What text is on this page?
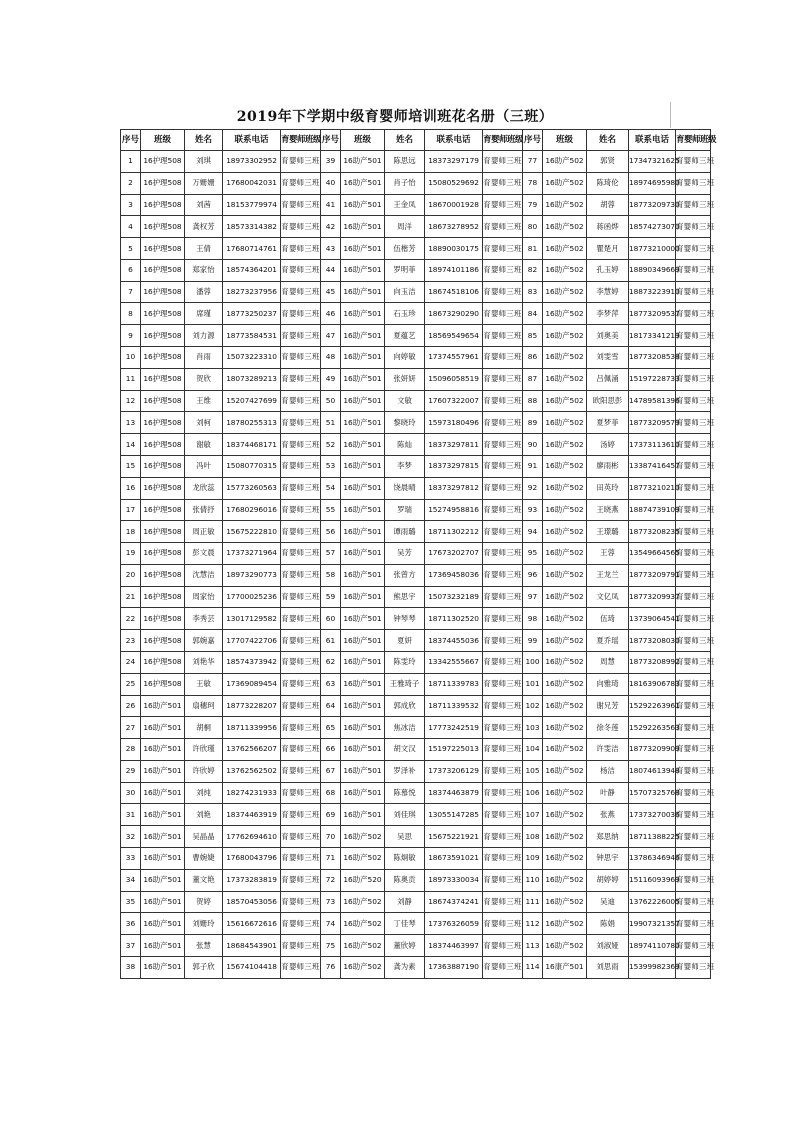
2019年下学期中级育婴师培训班花名册（三班）
序号	班级	姓名	联系电话	育婴师班级	序号	班级	姓名	联系电话	育婴师班级	序号	班级	姓名	联系电话	育婴师班级
1	16护理508	刘琪	18973302952	育婴师三班	39	16助产501	陈思远	18373297179	育婴师三班	77	16助产502	郭贤	17347321625	育婴师三班
2	16护理508	万姗姗	17680042031	育婴师三班	40	16助产501	肖子怡	15080529692	育婴师三班	78	16助产502	陈琦伦	18974695980	育婴师三班
3	16护理508	刘茜	18153779974	育婴师三班	41	16助产501	王金凤	18670001928	育婴师三班	79	16助产502	胡蓉	18773209730	育婴师三班
4	16护理508	龚权芳	18573314382	育婴师三班	42	16助产501	周洋	18673278952	育婴师三班	80	16助产502	蒋函烨	18574273070	育婴师三班
5	16护理508	王倩	17680714761	育婴师三班	43	16助产501	伍楷芳	18890030175	育婴师三班	81	16助产502	瞿楚月	18773210000	育婴师三班
6	16护理508	郑家怡	18574364201	育婴师三班	44	16助产501	罗明菲	18974101186	育婴师三班	82	16助产502	孔玉婷	18890349669	育婴师三班
7	16护理508	潘蓉	18273237956	育婴师三班	45	16助产501	向玉洁	18674518106	育婴师三班	83	16助产502	李慧婷	18873223910	育婴师三班
8	16护理508	席瑾	18773250237	育婴师三班	46	16助产501	石玉珍	18673290290	育婴师三班	84	16助产502	李梦萍	18773209537	育婴师三班
9	16护理508	刘力源	18773584531	育婴师三班	47	16助产501	夏蕴艺	18569549654	育婴师三班	85	16助产502	刘奥美	18173341219	育婴师三班
10	16护理508	肖雨	15073223310	育婴师三班	48	16助产501	向婷敏	17374557961	育婴师三班	86	16助产502	刘雯雪	18773208538	育婴师三班
11	16护理508	贺欣	18073289213	育婴师三班	49	16助产501	张妍妍	15096058519	育婴师三班	87	16助产502	吕佩涌	15197228733	育婴师三班
12	16护理508	王维	15207427699	育婴师三班	50	16助产501	文敏	17607322007	育婴师三班	88	16助产502	欧阳思彭	14789581396	育婴师三班
13	16护理508	刘柯	18780255313	育婴师三班	51	16助产501	黎晓玲	15973180496	育婴师三班	89	16助产502	夏梦菲	18773209579	育婴师三班
14	16护理508	谢敏	18374468171	育婴师三班	52	16助产501	陈灿	18373297811	育婴师三班	90	16助产502	汤婷	17373113610	育婴师三班
15	16护理508	冯叶	15080770315	育婴师三班	53	16助产501	李梦	18373297815	育婴师三班	91	16助产502	廖雨彬	13387416457	育婴师三班
16	16护理508	龙欣蕊	15773260563	育婴师三班	54	16助产501	饶晨晴	18373297812	育婴师三班	92	16助产502	田英玲	18773210210	育婴师三班
17	16护理508	张倩抒	17680296016	育婴师三班	55	16助产501	罗瑞	15274958816	育婴师三班	93	16助产502	王晓燕	18874739109	育婴师三班
18	16护理508	周正敏	15675222810	育婴师三班	56	16助产501	谭雨璐	18711302212	育婴师三班	94	16助产502	王璟璐	18773208235	育婴师三班
19	16护理508	彭文晨	17373271964	育婴师三班	57	16助产501	吴芳	17673202707	育婴师三班	95	16助产502	王蓉	13549664565	育婴师三班
20	16护理508	沈慧洁	18973290773	育婴师三班	58	16助产501	张曾方	17369458036	育婴师三班	96	16助产502	王龙兰	18773209791	育婴师三班
21	16护理508	周家怡	17700025236	育婴师三班	59	16助产501	熊思宇	15073232189	育婴师三班	97	16助产502	文亿凤	18773209937	育婴师三班
22	16护理508	李秀芸	13017129582	育婴师三班	60	16助产501	钟琴琴	18711302520	育婴师三班	98	16助产502	伍琦	13739064541	育婴师三班
23	16护理508	郭婉嘉	17707422706	育婴师三班	61	16助产501	夏妍	18374455036	育婴师三班	99	16助产502	夏乔瑶	18773208030	育婴师三班
24	16护理508	刘艳华	18574373942	育婴师三班	62	16助产501	陈雯玲	13342555667	育婴师三班	100	16助产502	周慧	18773208992	育婴师三班
25	16护理508	王敏	17369089454	育婴师三班	63	16助产501	王雅琦子	18711339783	育婴师三班	101	16助产502	向雅琦	18163906783	育婴师三班
26	16助产501	扇穗珂	18773228207	育婴师三班	64	16助产501	郭成欣	18711339532	育婴师三班	102	16助产502	谢兄芳	15292263961	育婴师三班
27	16助产501	胡桐	18711339956	育婴师三班	65	16助产501	焦冰洁	17773242519	育婴师三班	103	16助产502	徐冬莲	15292263563	育婴师三班
28	16助产501	许欣瑾	13762566207	育婴师三班	66	16助产501	胡文汉	15197225013	育婴师三班	104	16助产502	许雯洁	18773209909	育婴师三班
29	16助产501	许欣婷	13762562502	育婴师三班	67	16助产501	罗泽补	17373206129	育婴师三班	105	16助产502	杨洁	18074613948	育婴师三班
30	16助产501	刘纯	18274231933	育婴师三班	68	16助产501	陈慕悦	18374463879	育婴师三班	106	16助产502	叶静	15707325768	育婴师三班
31	16助产501	刘艳	18374463919	育婴师三班	69	16助产501	刘佳琪	13055147285	育婴师三班	107	16助产502	张燕	17373270036	育婴师三班
32	16助产501	吴晶晶	17762694610	育婴师三班	70	16助产502	吴思	15675221921	育婴师三班	108	16助产502	郑思纳	18711388225	育婴师三班
33	16助产501	曹婉婕	17680043796	育婴师三班	71	16助产502	陈炯敏	18673591021	育婴师三班	109	16助产502	钟思宇	13786346946	育婴师三班
34	16助产501	董文艳	17373283819	育婴师三班	72	16助产520	陈奥贡	18973330034	育婴师三班	110	16助产502	胡婷婷	15116093969	育婴师三班
35	16助产501	贺婷	18570453056	育婴师三班	73	16助产502	刘静	18674374241	育婴师三班	111	16助产502	吴迪	13762226005	育婴师三班
36	16助产501	刘姗玲	15616672616	育婴师三班	74	16助产502	丁佳琴	17376326059	育婴师三班	112	16助产502	陈娟	19907321357	育婴师三班
37	16助产501	张慧	18684543901	育婴师三班	75	16助产502	董欣婷	18374463997	育婴师三班	113	16助产502	刘淑娅	18974110780	育婴师三班
38	16助产501	郭子欣	15674104418	育婴师三班	76	16助产502	龚为素	17363887190	育婴师三班	114	16康产501	刘思雨	15399982369	育婴师三班
